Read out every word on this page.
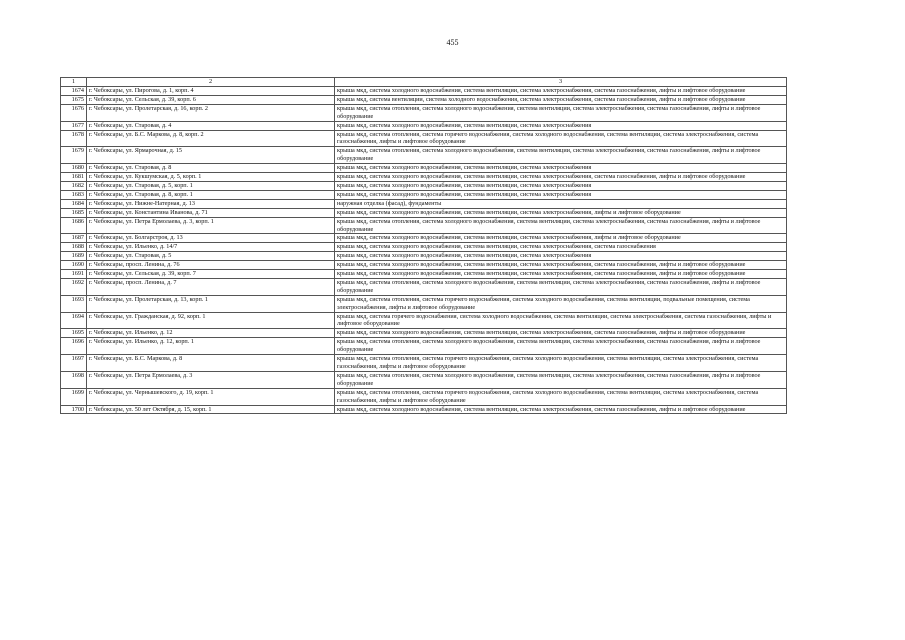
455
1	2	3
1674	г. Чебоксары, ул. Пирогова, д. 1, корп. 4	крыша мкд, система холодного водоснабжения, система вентиляции, система электроснабжения, система газоснабжения, лифты и лифтовое оборудование
1675	г. Чебоксары, ул. Сельская, д. 39, корп. 6	крыша мкд, система вентиляции, система холодного водоснабжения, система электроснабжения, система газоснабжения, лифты и лифтовое оборудование
1676	г. Чебоксары, ул. Пролетарская, д. 16, корп. 2	крыша мкд, система отопления, система холодного водоснабжения, система вентиляции, система электроснабжения, система газоснабжения, лифты и лифтовое оборудование
1677	г. Чебоксары, ул. Старовая, д. 4	крыша мкд, система холодного водоснабжения, система вентиляции, система электроснабжения
1678	г. Чебоксары, ул. Б.С. Маркова, д. 8, корп. 2	крыша мкд, система отопления, система горячего водоснабжения, система холодного водоснабжения, система вентиляции, система электроснабжения, система газоснабжения, лифты и лифтовое оборудование
1679	г. Чебоксары, ул. Ярмарочная, д. 15	крыша мкд, система отопления, система холодного водоснабжения, система вентиляции, система электроснабжения, система газоснабжения, лифты и лифтовое оборудование
1680	г. Чебоксары, ул. Старовая, д. 8	крыша мкд, система холодного водоснабжения, система вентиляции, система электроснабжения
1681	г. Чебоксары, ул. Кукшумская, д. 5, корп. 1	крыша мкд, система холодного водоснабжения, система вентиляции, система электроснабжения, система газоснабжения, лифты и лифтовое оборудование
1682	г. Чебоксары, ул. Старовая, д. 5, корп. 1	крыша мкд, система холодного водоснабжения, система вентиляции, система электроснабжения
1683	г. Чебоксары, ул. Старовая, д. 8, корп. 1	крыша мкд, система холодного водоснабжения, система вентиляции, система электроснабжения
1684	г. Чебоксары, ул. Нижне-Натерная, д. 13	наружная отделка (фасад), фундаменты
1685	г. Чебоксары, ул. Константина Иванова, д. 71	крыша мкд, система холодного водоснабжения, система вентиляции, система электроснабжения, лифты и лифтовое оборудование
1686	г. Чебоксары, ул. Петра Ермолаева, д. 3, корп. 1	крыша мкд, система отопления, система холодного водоснабжения, система вентиляции, система электроснабжения, система газоснабжения, лифты и лифтовое оборудование
1687	г. Чебоксары, ул. Болгарстроя, д. 13	крыша мкд, система холодного водоснабжения, система вентиляции, система электроснабжения, лифты и лифтовое оборудование
1688	г. Чебоксары, ул. Ильенко, д. 14/7	крыша мкд, система холодного водоснабжения, система вентиляции, система электроснабжения, система газоснабжения
1689	г. Чебоксары, ул. Старовая, д. 5	крыша мкд, система холодного водоснабжения, система вентиляции, система электроснабжения
1690	г. Чебоксары, просп. Ленина, д. 76	крыша мкд, система холодного водоснабжения, система вентиляции, система электроснабжения, система газоснабжения, лифты и лифтовое оборудование
1691	г. Чебоксары, ул. Сельская, д. 39, корп. 7	крыша мкд, система холодного водоснабжения, система вентиляции, система электроснабжения, система газоснабжения, лифты и лифтовое оборудование
1692	г. Чебоксары, просп. Ленина, д. 7	крыша мкд, система отопления, система холодного водоснабжения, система вентиляции, система электроснабжения, система газоснабжения, лифты и лифтовое оборудование
1693	г. Чебоксары, ул. Пролетарская, д. 13, корп. 1	крыша мкд, система отопления, система горячего водоснабжения, система холодного водоснабжения, система вентиляции, подвальные помещения, система электроснабжения, лифты и лифтовое оборудование
1694	г. Чебоксары, ул. Гражданская, д. 92, корп. 1	крыша мкд, система горячего водоснабжения, система холодного водоснабжения, система вентиляции, система электроснабжения, система газоснабжения, лифты и лифтовое оборудование
1695	г. Чебоксары, ул. Ильенко, д. 12	крыша мкд, система холодного водоснабжения, система вентиляции, система электроснабжения, система газоснабжения, лифты и лифтовое оборудование
1696	г. Чебоксары, ул. Ильенко, д. 12, корп. 1	крыша мкд, система отопления, система холодного водоснабжения, система вентиляции, система электроснабжения, система газоснабжения, лифты и лифтовое оборудование
1697	г. Чебоксары, ул. Б.С. Маркова, д. 8	крыша мкд, система отопления, система горячего водоснабжения, система холодного водоснабжения, система вентиляции, система электроснабжения, система газоснабжения, лифты и лифтовое оборудование
1698	г. Чебоксары, ул. Петра Ермолаева, д. 3	крыша мкд, система отопления, система холодного водоснабжения, система вентиляции, система электроснабжения, система газоснабжения, лифты и лифтовое оборудование
1699	г. Чебоксары, ул. Чернышевского, д. 19, корп. 1	крыша мкд, система отопления, система горячего водоснабжения, система холодного водоснабжения, система вентиляции, система электроснабжения, система газоснабжения, лифты и лифтовое оборудование
1700	г. Чебоксары, ул. 50 лет Октября, д. 15, корп. 1	крыша мкд, система холодного водоснабжения, система вентиляции, система электроснабжения, система газоснабжения, лифты и лифтовое оборудование
